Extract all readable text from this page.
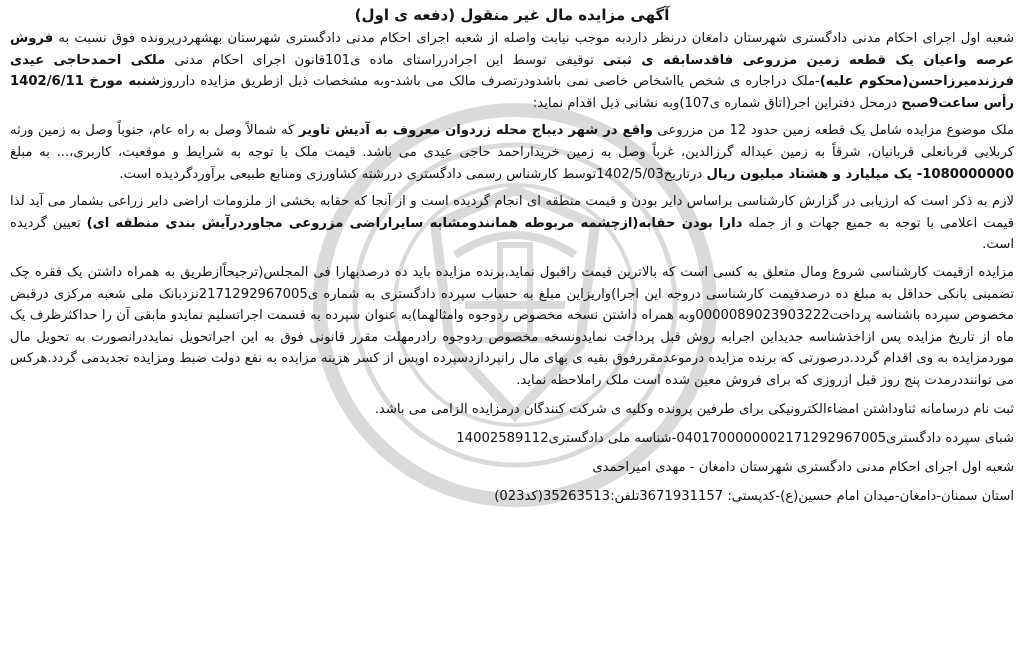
آگهی مزایده مال غیر منقول (دفعه ی اول)

شعبه اول اجرای احکام مدنی دادگستری شهرستان دامغان درنظر داردبه موجب نیابت واصله از شعبه اجرای احکام مدنی دادگستری شهرستان بهشهردرپرونده فوق نسبت به فروش عرصه واعیان یک قطعه زمین مزروعی فاقدسابقه ی ثبتی توقیفی توسط این اجرادرراستای ماده ی101قانون اجرای احکام مدنی ملکی احمدحاجی عیدی فرزندمیرزاحسن(محکوم علیه)-ملک دراجاره ی شخص یااشخاص خاصی نمی باشدودرتصرف مالک می باشد-وبه مشخصات ذیل ازطریق مزایده دارروزشنبه مورخ 1402/6/11 رأس ساعت9صبح درمحل دفتراین اجر(اتاق شماره ی107)وبه نشانی ذیل اقدام نماید:

ملک موضوع مزایده شامل یک قطعه زمین حدود 12 من مزروعی واقع در شهر دیباج محله زردوان معروف به آدیش تاویر که شمالاً وصل به راه عام، جنوباً وصل به زمین ورثه کربلایی قربانعلی قربانیان، شرقاً به زمین عبداله گرزالدین، غرباً وصل به زمین خریداراحمد حاجی عیدی می باشد. قیمت ملک با توجه به شرایط و موقعیت، کاربری،... به مبلغ 1080000000- یک میلیارد و هشتاد میلیون ریال درتاریخ1402/5/03توسط کارشناس رسمی دادگستری دررشته کشاورزی ومنابع طبیعی برآوردگردیده است.

لازم به ذکر است که ارزیابی در گزارش کارشناسی براساس دایر بودن و قیمت منطقه ای انجام گردیده است و از آنجا که حقابه بخشی از ملزومات اراضی دایر زراعی بشمار می آید لذا قیمت اعلامی با توجه به جمیع جهات و از جمله دارا بودن حقابه(ازچشمه مربوطه همانندومشابه سایراراضی مزروعی مجاوردرآیش بندی منطقه ای) تعیین گردیده است.

مزایده ازقیمت کارشناسی شروع ومال متعلق به کسی است که بالاترین قیمت راقبول نماید.برنده مزایده باید ده درصدبهارا فی المجلس(ترجیحاًازطریق به همراه داشتن یک فقره چک تضمینی بانکی حداقل به مبلغ ده درصدقیمت کارشناسی دروجه این اجرا)واریزاین مبلغ به حساب سپرده دادگستری به شماره ی2171292967005نزدبانک ملی شعبه مرکزی درقبض مخصوص سپرده باشناسه پرداخت0000089023903222وبه همراه داشتن نسخه مخصوص ردوجوه وامثالهما)به عنوان سپرده به قسمت اجراتسلیم نمایدو مابقی آن را حداکثرظرف یک ماه از تاریخ مزایده پس ازاخذشناسه جدیداین اجرابه روش قبل پرداخت نمایدونسخه مخصوص ردوجوه رادرمهلت مقرر قانونی فوق به این اجراتحویل نمایددرانصورت به تحویل مال موردمزایده به وی اقدام گردد.درصورتی که برنده مزایده درموعدمقررفوق بقیه ی بهای مال رانپردازدسپرده اوپس از کسر هزینه مزایده به نفع دولت ضبط ومزایده تجدیدمی گردد.هرکس می تواننددرمدت پنج روز قبل ازروزی که برای فروش معین شده است ملک راملاحظه نماید.

ثبت نام درسامانه ثناوداشتن امضاءالکترونیکی برای طرفین پرونده وکلیه ی شرکت کنندگان درمزایده الزامی می باشد.

شبای سپرده دادگستری0401700000002171292967005-شناسه ملی دادگستری14002589112

شعبه اول اجرای احکام مدنی دادگستری شهرستان دامغان - مهدی امیراحمدی

استان سمنان-دامغان-میدان امام حسین(ع)-کدپستی: 3671931157تلفن:35263513(کد023)
